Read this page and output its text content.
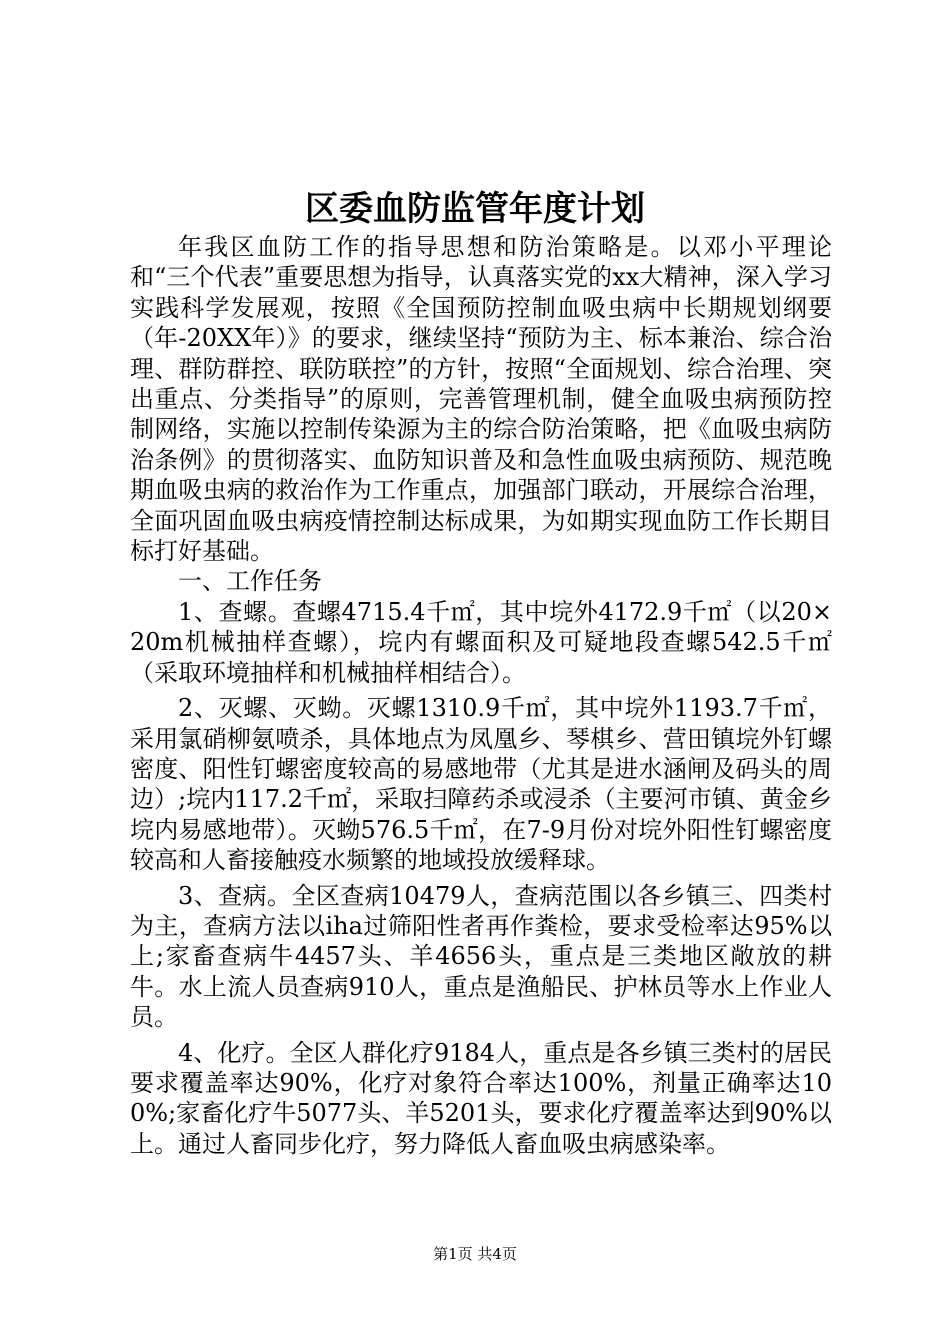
区委血防监管年度计划

年我区血防工作的指导思想和防治策略是。以邓小平理论和“三个代表”重要思想为指导，认真落实党的xx大精神，深入学习实践科学发展观，按照《全国预防控制血吸虫病中长期规划纲要（年-20XX年）》的要求，继续坚持“预防为主、标本兼治、综合治理、群防群控、联防联控”的方针，按照“全面规划、综合治理、突出重点、分类指导”的原则，完善管理机制，健全血吸虫病预防控制网络，实施以控制传染源为主的综合防治策略，把《血吸虫病防治条例》的贯彻落实、血防知识普及和急性血吸虫病预防、规范晚期血吸虫病的救治作为工作重点，加强部门联动，开展综合治理，全面巩固血吸虫病疫情控制达标成果，为如期实现血防工作长期目标打好基础。

一、工作任务

1、查螺。查螺4715.4千㎡，其中垸外4172.9千㎡（以20×20m机械抽样查螺），垸内有螺面积及可疑地段查螺542.5千㎡（采取环境抽样和机械抽样相结合）。

2、灭螺、灭蚴。灭螺1310.9千㎡，其中垸外1193.7千㎡，采用氯硝柳氨喷杀，具体地点为凤凰乡、琴棋乡、营田镇垸外钉螺密度、阳性钉螺密度较高的易感地带（尤其是进水涵闸及码头的周边）;垸内117.2千㎡，采取扫障药杀或浸杀（主要河市镇、黄金乡垸内易感地带）。灭蚴576.5千㎡，在7-9月份对垸外阳性钉螺密度较高和人畜接触疫水频繁的地域投放缓释球。

3、查病。全区查病10479人，查病范围以各乡镇三、四类村为主，查病方法以iha过筛阳性者再作粪检，要求受检率达95%以上;家畜查病牛4457头、羊4656头，重点是三类地区敞放的耕牛。水上流人员查病910人，重点是渔船民、护林员等水上作业人员。

4、化疗。全区人群化疗9184人，重点是各乡镇三类村的居民要求覆盖率达90%，化疗对象符合率达100%，剂量正确率达100%;家畜化疗牛5077头、羊5201头，要求化疗覆盖率达到90%以上。通过人畜同步化疗，努力降低人畜血吸虫病感染率。

第1页 共4页
